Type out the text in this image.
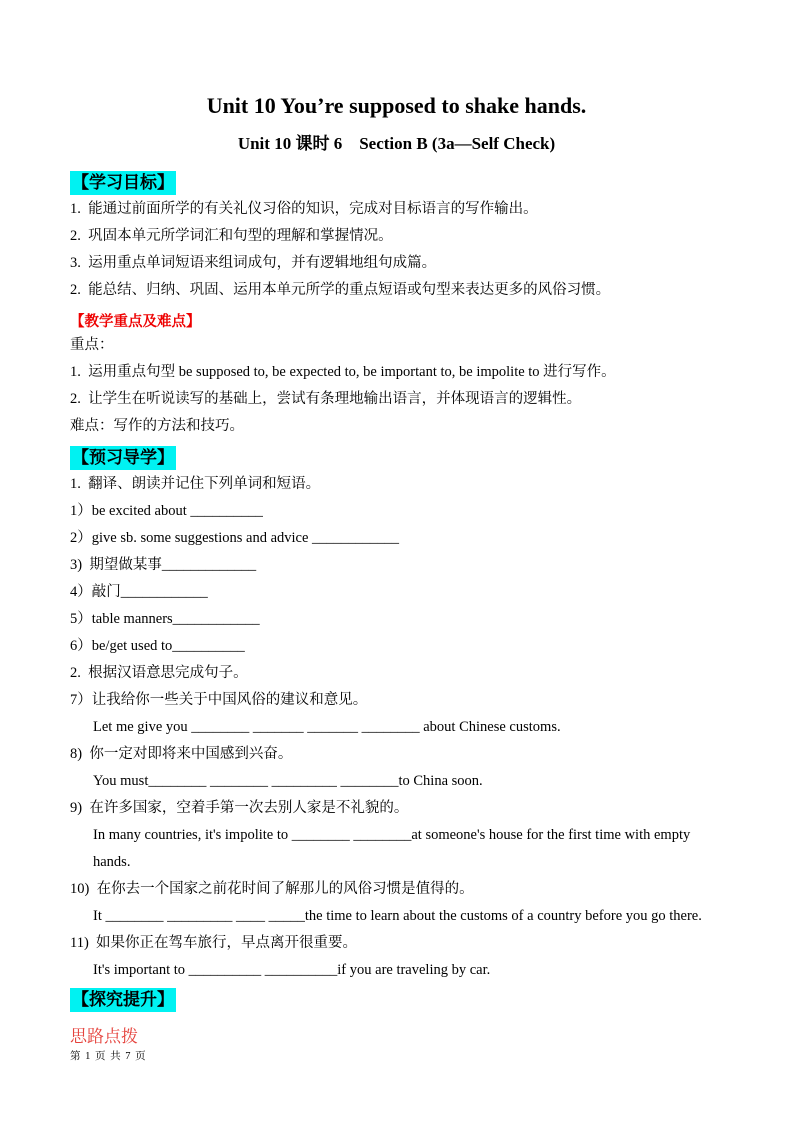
Unit 10 You’re supposed to shake hands.
Unit 10 课时 6    Section B (3a—Self Check)
【学习目标】

1.  能通过前面所学的有关礼仪习俗的知识，完成对目标语言的写作输出。

2.  巩固本单元所学词汇和句型的理解和掌握情况。

3.  运用重点单词短语来组词成句，并有逻辑地组句成篇。

2.  能总结、归纳、巩固、运用本单元所学的重点短语或句型来表达更多的风俗习惯。

【教学重点及难点】

重点：

1.  运用重点句型 be supposed to, be expected to, be important to, be impolite to 进行写作。

2.  让学生在听说读写的基础上，尝试有条理地输出语言，并体现语言的逻辑性。

难点：写作的方法和技巧。

【预习导学】

1.  翻译、朗读并记住下列单词和短语。

1）be excited about __________

2）give sb. some suggestions and advice ____________

3)  期望做某事_____________

4）敲门____________

5）table manners____________

6）be/get used to__________

2.  根据汉语意思完成句子。

7）让我给你一些关于中国风俗的建议和意见。

Let me give you ________ _______ _______ ________ about Chinese customs.

8)  你一定对即将来中国感到兴奋。

You must________ ________ _________ ________to China soon.

9)  在许多国家，空着手第一次去别人家是不礼貌的。

In many countries, it's impolite to ________ ________at someone's house for the first time with empty hands.

10)  在你去一个国家之前花时间了解那儿的风俗习惯是值得的。

It ________ _________ ____ _____the time to learn about the customs of a country before you go there.

11)  如果你正在驾车旅行，早点离开很重要。

It's important to __________ __________if you are traveling by car.

【探究提升】

思路点拨

第 1 页 共 7 页
